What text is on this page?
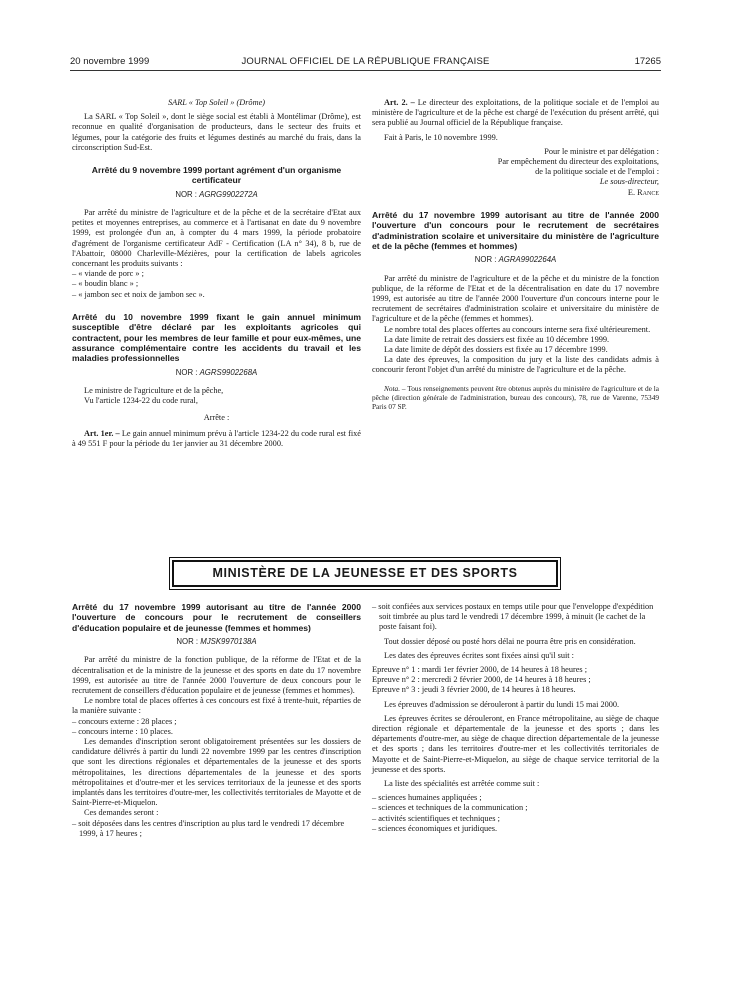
20 novembre 1999	JOURNAL OFFICIEL DE LA RÉPUBLIQUE FRANÇAISE	17265

SARL « Top Soleil » (Drôme)

La SARL « Top Soleil », dont le siège social est établi à Montélimar (Drôme), est reconnue en qualité d'organisation de producteurs, dans le secteur des fruits et légumes, pour la catégorie des fruits et légumes destinés au marché du frais, dans la circonscription Sud-Est.

Arrêté du 9 novembre 1999 portant agrément d'un organisme certificateur

NOR : AGRG9902272A

Par arrêté du ministre de l'agriculture et de la pêche et de la secrétaire d'Etat aux petites et moyennes entreprises, au commerce et à l'artisanat en date du 9 novembre 1999, est prolongée d'un an, à compter du 4 mars 1999, la période probatoire d'agrément de l'organisme certificateur AdF - Certification (LA n° 34), 8 b, rue de l'Abattoir, 08000 Charleville-Mézières, pour la certification de labels agricoles concernant les produits suivants :

– « viande de porc » ;

– « boudin blanc » ;

– « jambon sec et noix de jambon sec ».

Arrêté du 10 novembre 1999 fixant le gain annuel minimum susceptible d'être déclaré par les exploitants agricoles qui contractent, pour les membres de leur famille et pour eux-mêmes, une assurance complémentaire contre les accidents du travail et les maladies professionnelles

NOR : AGRS9902268A

Le ministre de l'agriculture et de la pêche,

Vu l'article 1234-22 du code rural,

Arrête :

Art. 1er. – Le gain annuel minimum prévu à l'article 1234-22 du code rural est fixé à 49 551 F pour la période du 1er janvier au 31 décembre 2000.

Art. 2. – Le directeur des exploitations, de la politique sociale et de l'emploi au ministère de l'agriculture et de la pêche est chargé de l'exécution du présent arrêté, qui sera publié au Journal officiel de la République française.

Fait à Paris, le 10 novembre 1999.

Pour le ministre et par délégation :

Par empêchement du directeur des exploitations,

de la politique sociale et de l'emploi :

Le sous-directeur,

E. Rance

Arrêté du 17 novembre 1999 autorisant au titre de l'année 2000 l'ouverture d'un concours pour le recrutement de secrétaires d'administration scolaire et universitaire du ministère de l'agriculture et de la pêche (femmes et hommes)

NOR : AGRA9902264A

Par arrêté du ministre de l'agriculture et de la pêche et du ministre de la fonction publique, de la réforme de l'Etat et de la décentralisation en date du 17 novembre 1999, est autorisée au titre de l'année 2000 l'ouverture d'un concours interne pour le recrutement de secrétaires d'administration scolaire et universitaire du ministère de l'agriculture et de la pêche (femmes et hommes).

Le nombre total des places offertes au concours interne sera fixé ultérieurement.

La date limite de retrait des dossiers est fixée au 10 décembre 1999.

La date limite de dépôt des dossiers est fixée au 17 décembre 1999.

La date des épreuves, la composition du jury et la liste des candidats admis à concourir feront l'objet d'un arrêté du ministre de l'agriculture et de la pêche.

Nota. – Tous renseignements peuvent être obtenus auprès du ministère de l'agriculture et de la pêche (direction générale de l'administration, bureau des concours), 78, rue de Varenne, 75349 Paris 07 SP.

MINISTÈRE DE LA JEUNESSE ET DES SPORTS

Arrêté du 17 novembre 1999 autorisant au titre de l'année 2000 l'ouverture de concours pour le recrutement de conseillers d'éducation populaire et de jeunesse (femmes et hommes)

NOR : MJSK9970138A

Par arrêté du ministre de la fonction publique, de la réforme de l'Etat et de la décentralisation et de la ministre de la jeunesse et des sports en date du 17 novembre 1999, est autorisée au titre de l'année 2000 l'ouverture de deux concours pour le recrutement de conseillers d'éducation populaire et de jeunesse (femmes et hommes).

Le nombre total de places offertes à ces concours est fixé à trente-huit, réparties de la manière suivante :

– concours externe : 28 places ;

– concours interne : 10 places.

Les demandes d'inscription seront obligatoirement présentées sur les dossiers de candidature délivrés à partir du lundi 22 novembre 1999 par les centres d'inscription que sont les directions régionales et départementales de la jeunesse et des sports métropolitaines, les directions départementales de la jeunesse et des sports métropolitaines et d'outre-mer et les services territoriaux de la jeunesse et des sports implantés dans les territoires d'outre-mer, les collectivités territoriales de Mayotte et de Saint-Pierre-et-Miquelon.

Ces demandes seront :

– soit déposées dans les centres d'inscription au plus tard le vendredi 17 décembre 1999, à 17 heures ;

– soit confiées aux services postaux en temps utile pour que l'enveloppe d'expédition soit timbrée au plus tard le vendredi 17 décembre 1999, à minuit (le cachet de la poste faisant foi).

Tout dossier déposé ou posté hors délai ne pourra être pris en considération.

Les dates des épreuves écrites sont fixées ainsi qu'il suit :

Epreuve n° 1 : mardi 1er février 2000, de 14 heures à 18 heures ;

Epreuve n° 2 : mercredi 2 février 2000, de 14 heures à 18 heures ;

Epreuve n° 3 : jeudi 3 février 2000, de 14 heures à 18 heures.

Les épreuves d'admission se dérouleront à partir du lundi 15 mai 2000.

Les épreuves écrites se dérouleront, en France métropolitaine, au siège de chaque direction régionale et départementale de la jeunesse et des sports ; dans les départements d'outre-mer, au siège de chaque direction départementale de la jeunesse et des sports ; dans les territoires d'outre-mer et les collectivités territoriales de Mayotte et de Saint-Pierre-et-Miquelon, au siège de chaque service territorial de la jeunesse et des sports.

La liste des spécialités est arrêtée comme suit :

– sciences humaines appliquées ;

– sciences et techniques de la communication ;

– activités scientifiques et techniques ;

– sciences économiques et juridiques.
